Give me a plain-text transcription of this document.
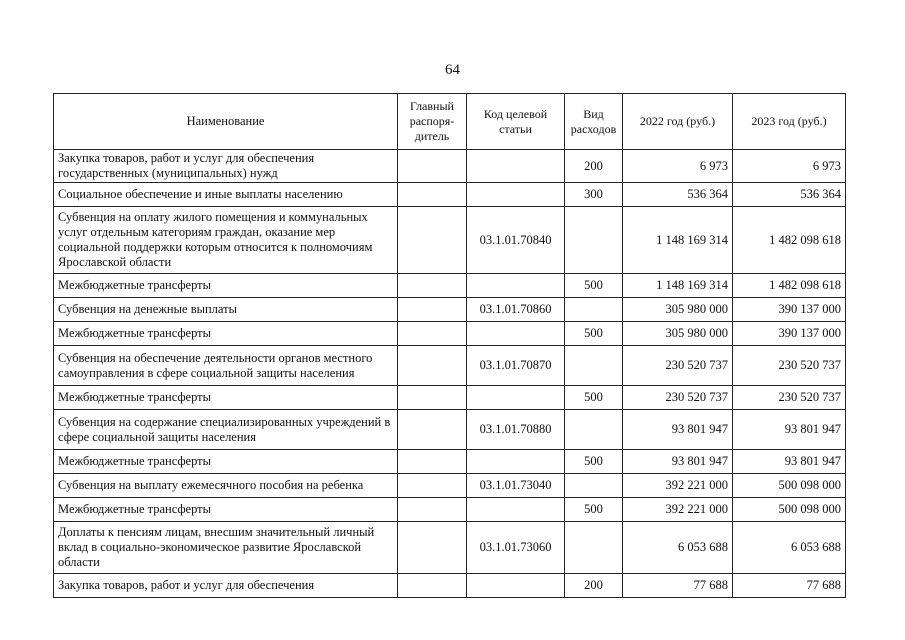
64
Наименование	Главный распоря-дитель	Код целевой статьи	Вид расходов	2022 год (руб.)	2023 год (руб.)
Закупка товаров, работ и услуг для обеспечения государственных (муниципальных) нужд			200	6 973	6 973
Социальное обеспечение и иные выплаты населению			300	536 364	536 364
Субвенция на оплату жилого помещения и коммунальных услуг отдельным категориям граждан, оказание мер социальной поддержки которым относится к полномочиям Ярославской области		03.1.01.70840		1 148 169 314	1 482 098 618
Межбюджетные трансферты			500	1 148 169 314	1 482 098 618
Субвенция на денежные выплаты		03.1.01.70860		305 980 000	390 137 000
Межбюджетные трансферты			500	305 980 000	390 137 000
Субвенция на обеспечение деятельности органов местного самоуправления в сфере социальной защиты населения		03.1.01.70870		230 520 737	230 520 737
Межбюджетные трансферты			500	230 520 737	230 520 737
Субвенция на содержание специализированных учреждений в сфере социальной защиты населения		03.1.01.70880		93 801 947	93 801 947
Межбюджетные трансферты			500	93 801 947	93 801 947
Субвенция на выплату ежемесячного пособия на ребенка		03.1.01.73040		392 221 000	500 098 000
Межбюджетные трансферты			500	392 221 000	500 098 000
Доплаты к пенсиям лицам, внесшим значительный личный вклад в социально-экономическое развитие Ярославской области		03.1.01.73060		6 053 688	6 053 688
Закупка товаров, работ и услуг для обеспечения			200	77 688	77 688
